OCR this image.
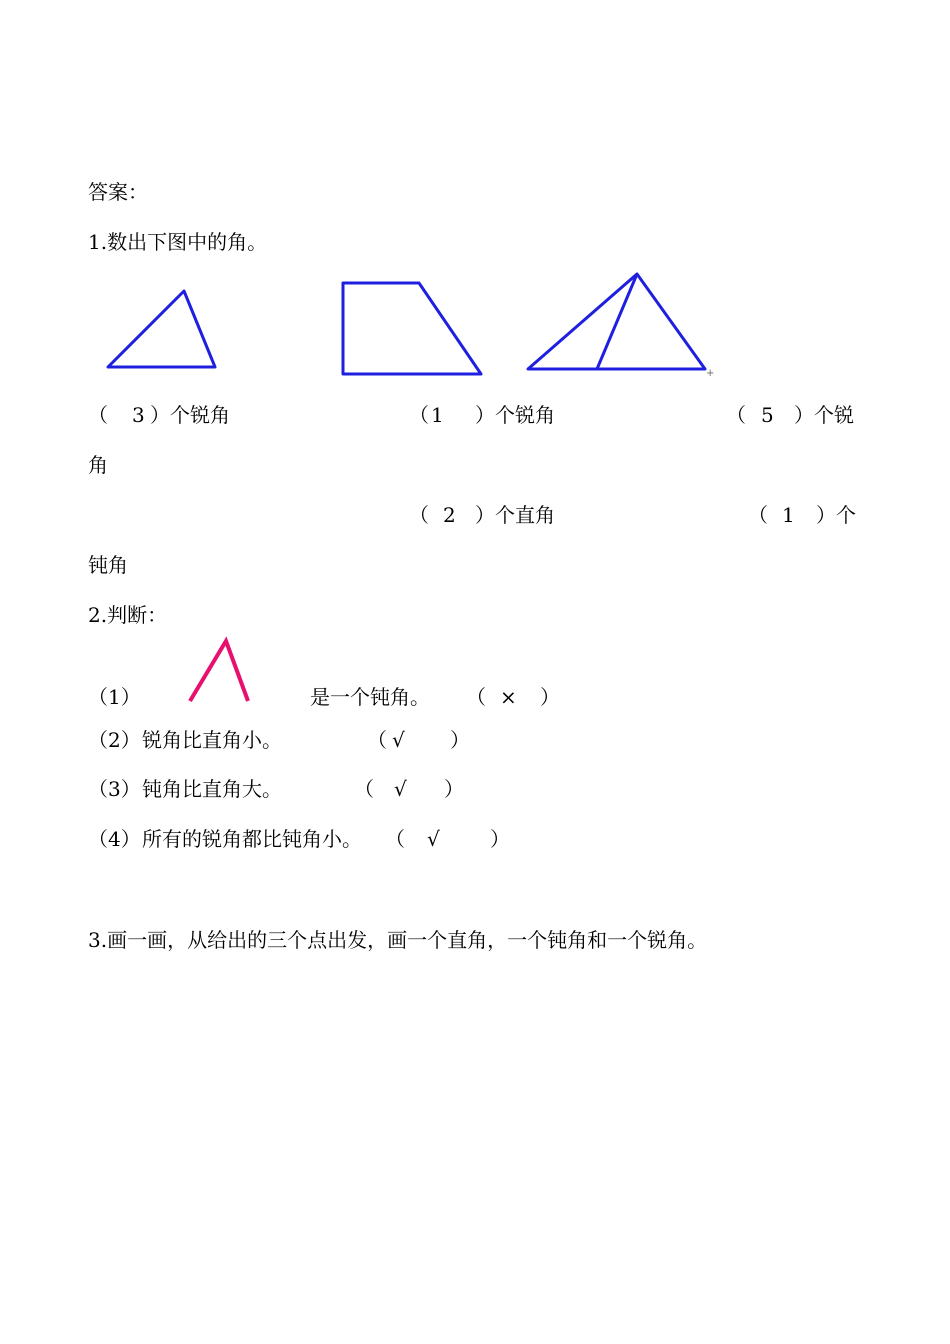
答案：
1.数出下图中的角。
+
（ 3 ）个锐角	（ 1 ）个锐角	（ 5 ）个锐
角
（ 2 ）个直角	（ 1 ）个
钝角
2.判断：
（1）	是一个钝角。 （ × ）
（2） 锐角比直角小。	（ √ ）
（3） 钝角比直角大。	（ √ ）
（4） 所有的锐角都比钝角小。 （ √	）
3.画一画，从给出的三个点出发，画一个直角，一个钝角和一个锐角。
